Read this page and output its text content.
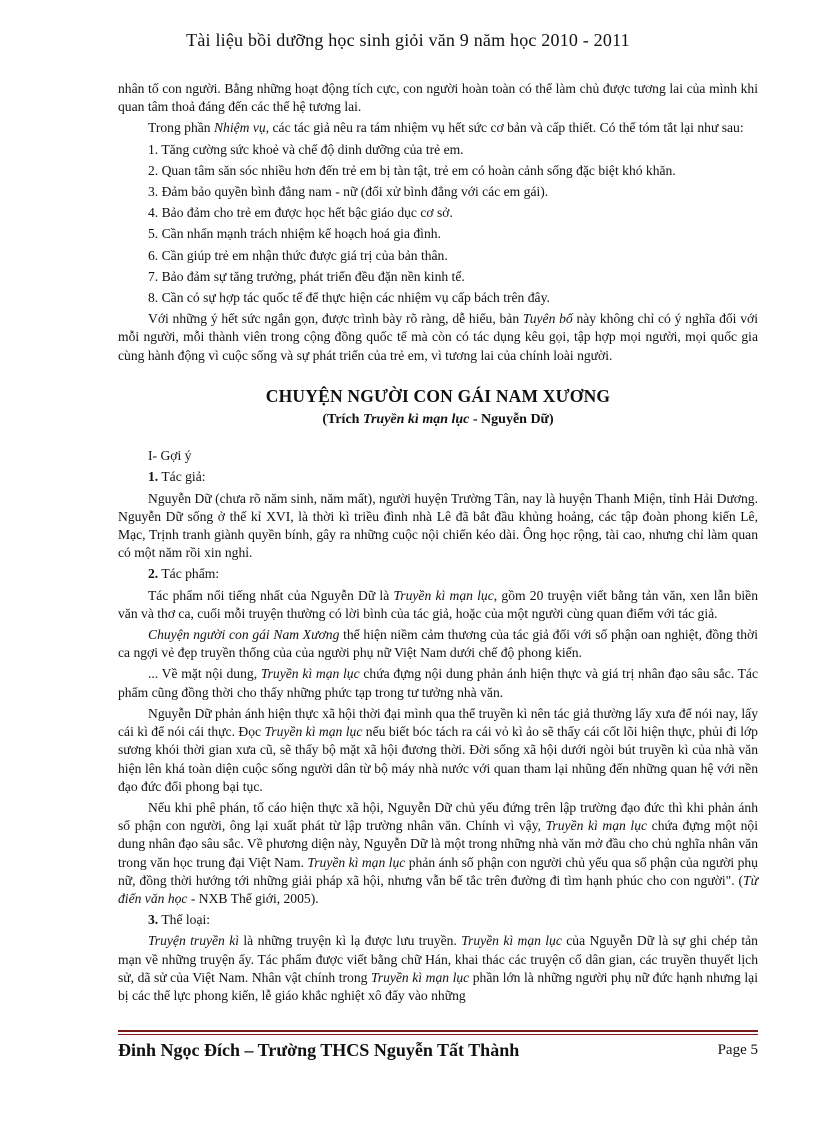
Tài liệu bồi dưỡng học sinh giỏi văn 9 năm học 2010 - 2011

nhân tố con người. Bằng những hoạt động tích cực, con người hoàn toàn có thể làm chủ được tương lai của mình khi quan tâm thoả đáng đến các thế hệ tương lai.

Trong phần Nhiệm vụ, các tác giả nêu ra tám nhiệm vụ hết sức cơ bản và cấp thiết. Có thể tóm tắt lại như sau:

1. Tăng cường sức khoẻ và chế độ dinh dưỡng của trẻ em.

2. Quan tâm săn sóc nhiều hơn đến trẻ em bị tàn tật, trẻ em có hoàn cảnh sống đặc biệt khó khăn.

3. Đảm bảo quyền bình đẳng nam - nữ (đối xử bình đẳng với các em gái).

4. Bảo đảm cho trẻ em được học hết bậc giáo dục cơ sở.

5. Cần nhấn mạnh trách nhiệm kế hoạch hoá gia đình.

6. Cần giúp trẻ em nhận thức được giá trị của bản thân.

7. Bảo đảm sự tăng trưởng, phát triển đều đặn nền kinh tế.

8. Cần có sự hợp tác quốc tế để thực hiện các nhiệm vụ cấp bách trên đây.

Với những ý hết sức ngắn gọn, được trình bày rõ ràng, dễ hiểu, bản Tuyên bố này không chỉ có ý nghĩa đối với mỗi người, mỗi thành viên trong cộng đồng quốc tế mà còn có tác dụng kêu gọi, tập hợp mọi người, mọi quốc gia cùng hành động vì cuộc sống và sự phát triển của trẻ em, vì tương lai của chính loài người.

CHUYỆN NGƯỜI CON GÁI NAM XƯƠNG

(Trích Truyền kì mạn lục - Nguyễn Dữ)

I- Gợi ý

1. Tác giả:

Nguyễn Dữ (chưa rõ năm sinh, năm mất), người huyện Trường Tân, nay là huyện Thanh Miện, tỉnh Hải Dương. Nguyễn Dữ sống ở thế kỉ XVI, là thời kì triều đình nhà Lê đã bắt đầu khủng hoảng, các tập đoàn phong kiến Lê, Mạc, Trịnh tranh giành quyền bính, gây ra những cuộc nội chiến kéo dài. Ông học rộng, tài cao, nhưng chỉ làm quan có một năm rồi xin nghỉ.

2. Tác phẩm:

Tác phẩm nổi tiếng nhất của Nguyễn Dữ là Truyền kì mạn lục, gồm 20 truyện viết bằng tản văn, xen lẫn biền văn và thơ ca, cuối mỗi truyện thường có lời bình của tác giả, hoặc của một người cùng quan điểm với tác giả.

Chuyện người con gái Nam Xương thể hiện niềm cảm thương của tác giả đối với số phận oan nghiệt, đồng thời ca ngợi vẻ đẹp truyền thống của của người phụ nữ Việt Nam dưới chế độ phong kiến.

... Về mặt nội dung, Truyền kì mạn lục chứa đựng nội dung phản ánh hiện thực và giá trị nhân đạo sâu sắc. Tác phẩm cũng đồng thời cho thấy những phức tạp trong tư tưởng nhà văn.

Nguyễn Dữ phản ánh hiện thực xã hội thời đại mình qua thể truyền kì nên tác giả thường lấy xưa để nói nay, lấy cái kì để nói cái thực. Đọc Truyền kì mạn lục nếu biết bóc tách ra cái vỏ kì ảo sẽ thấy cái cốt lõi hiện thực, phủi đi lớp sương khói thời gian xưa cũ, sẽ thấy bộ mặt xã hội đương thời. Đời sống xã hội dưới ngòi bút truyền kì của nhà văn hiện lên khá toàn diện cuộc sống người dân từ bộ máy nhà nước với quan tham lại nhũng đến những quan hệ với nền đạo đức đổi phong bại tục.

Nếu khi phê phán, tố cáo hiện thực xã hội, Nguyễn Dữ chủ yếu đứng trên lập trường đạo đức thì khi phản ánh số phận con người, ông lại xuất phát từ lập trường nhân văn. Chính vì vậy, Truyền kì mạn lục chứa đựng một nội dung nhân đạo sâu sắc. Về phương diện này, Nguyễn Dữ là một trong những nhà văn mở đầu cho chủ nghĩa nhân văn trong văn học trung đại Việt Nam. Truyền kì mạn lục phản ánh số phận con người chủ yếu qua số phận của người phụ nữ, đồng thời hướng tới những giải pháp xã hội, nhưng vẫn bế tắc trên đường đi tìm hạnh phúc cho con người". (Từ điển văn học - NXB Thế giới, 2005).

3. Thể loại:

Truyện truyền kì là những truyện kì lạ được lưu truyền. Truyền kì mạn lục của Nguyễn Dữ là sự ghi chép tản mạn về những truyện ấy. Tác phẩm được viết bằng chữ Hán, khai thác các truyện cổ dân gian, các truyền thuyết lịch sử, dã sử của Việt Nam. Nhân vật chính trong Truyền kì mạn lục phần lớn là những người phụ nữ đức hạnh nhưng lại bị các thế lực phong kiến, lễ giáo khắc nghiệt xô đẩy vào những

Đinh Ngọc Đích – Trường THCS Nguyễn Tất Thành	Page 5
